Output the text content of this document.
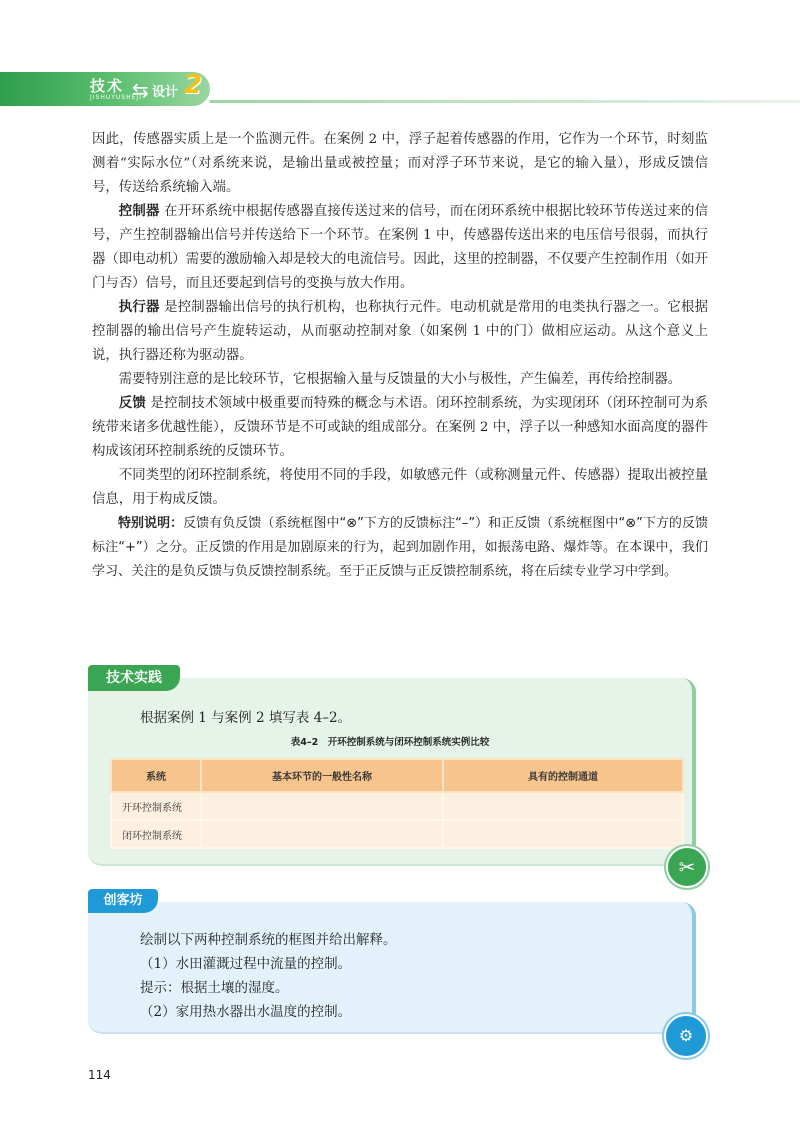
技术
JISHUYUSHEJI
⇆ 设计 2

因此，传感器实质上是一个监测元件。在案例 2 中，浮子起着传感器的作用，它作为一个环节，时刻监测着“实际水位”（对系统来说，是输出量或被控量；而对浮子环节来说，是它的输入量），形成反馈信号，传送给系统输入端。

控制器 在开环系统中根据传感器直接传送过来的信号，而在闭环系统中根据比较环节传送过来的信号，产生控制器输出信号并传送给下一个环节。在案例 1 中，传感器传送出来的电压信号很弱，而执行器（即电动机）需要的激励输入却是较大的电流信号。因此，这里的控制器，不仅要产生控制作用（如开门与否）信号，而且还要起到信号的变换与放大作用。

执行器 是控制器输出信号的执行机构，也称执行元件。电动机就是常用的电类执行器之一。它根据控制器的输出信号产生旋转运动，从而驱动控制对象（如案例 1 中的门）做相应运动。从这个意义上说，执行器还称为驱动器。

需要特别注意的是比较环节，它根据输入量与反馈量的大小与极性，产生偏差，再传给控制器。

反馈 是控制技术领域中极重要而特殊的概念与术语。闭环控制系统，为实现闭环（闭环控制可为系统带来诸多优越性能），反馈环节是不可或缺的组成部分。在案例 2 中，浮子以一种感知水面高度的器件构成该闭环控制系统的反馈环节。

不同类型的闭环控制系统，将使用不同的手段，如敏感元件（或称测量元件、传感器）提取出被控量信息，用于构成反馈。

特别说明：反馈有负反馈（系统框图中“⊗”下方的反馈标注“–”）和正反馈（系统框图中“⊗”下方的反馈标注“+”）之分。正反馈的作用是加剧原来的行为，起到加剧作用，如振荡电路、爆炸等。在本课中，我们学习、关注的是负反馈与负反馈控制系统。至于正反馈与正反馈控制系统，将在后续专业学习中学到。

技术实践
根据案例 1 与案例 2 填写表 4–2。
表4–2　开环控制系统与闭环控制系统实例比较
系统	基本环节的一般性名称	具有的控制通道
开环控制系统		
闭环控制系统		
✂
创客坊
绘制以下两种控制系统的框图并给出解释。
（1）水田灌溉过程中流量的控制。
提示：根据土壤的湿度。
（2）家用热水器出水温度的控制。
⚙
114
